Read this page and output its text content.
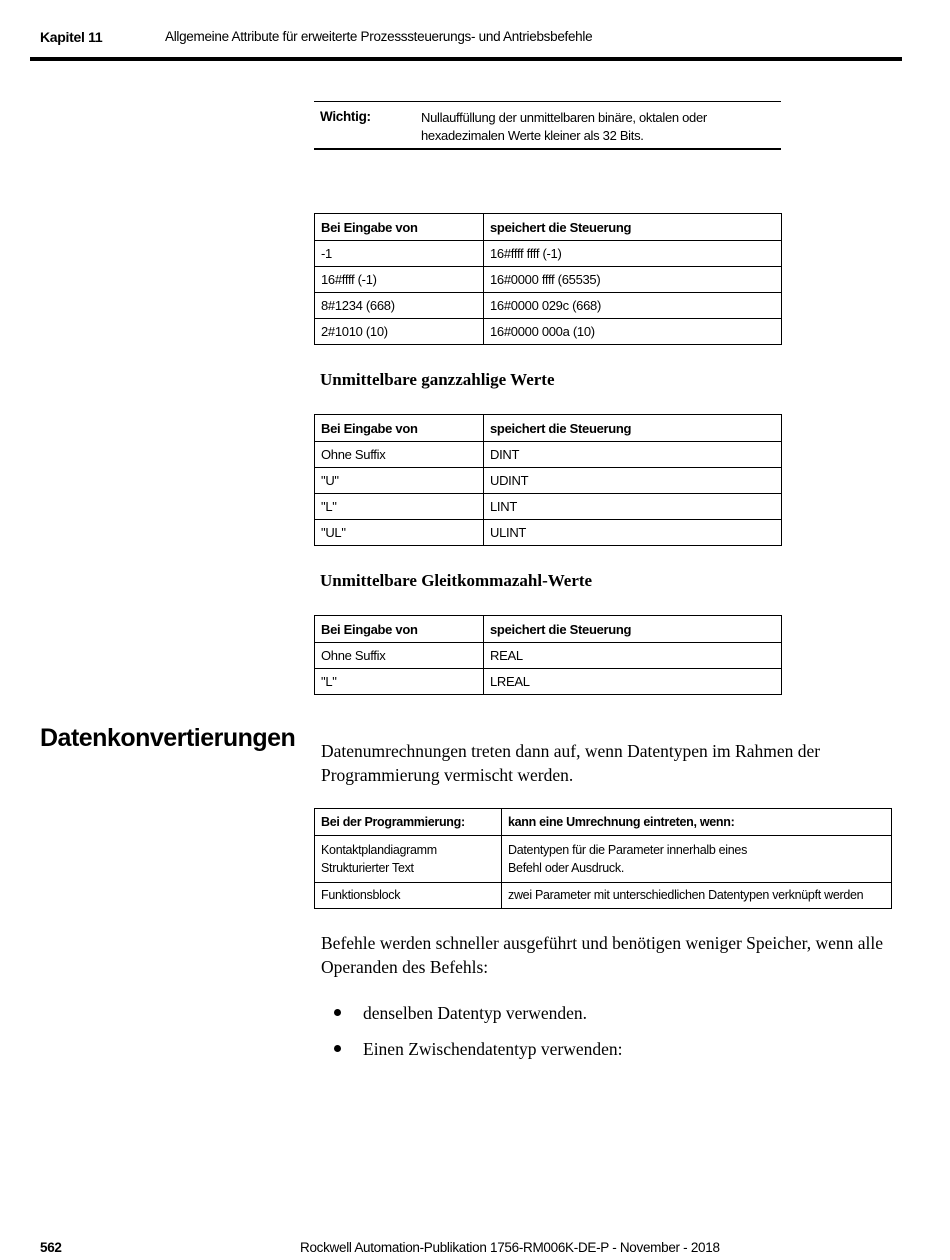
Kapitel 11	Allgemeine Attribute für erweiterte Prozesssteuerungs- und Antriebsbefehle
Wichtig:	Nullauffüllung der unmittelbaren binäre, oktalen oder hexadezimalen Werte kleiner als 32 Bits.
Bei Eingabe von	speichert die Steuerung
-1	16#ffff ffff (-1)
16#ffff (-1)	16#0000 ffff (65535)
8#1234 (668)	16#0000 029c (668)
2#1010 (10)	16#0000 000a (10)
Unmittelbare ganzzahlige Werte
Bei Eingabe von	speichert die Steuerung
Ohne Suffix	DINT
"U"	UDINT
"L"	LINT
"UL"	ULINT
Unmittelbare Gleitkommazahl-Werte
Bei Eingabe von	speichert die Steuerung
Ohne Suffix	REAL
"L"	LREAL
Datenkonvertierungen Datenumrechnungen treten dann auf, wenn Datentypen im Rahmen der Programmierung vermischt werden.
Bei der Programmierung:	kann eine Umrechnung eintreten, wenn:

Kontaktplandiagramm
Strukturierter Text	Datentypen für die Parameter innerhalb eines
Befehl oder Ausdruck.

Funktionsblock	zwei Parameter mit unterschiedlichen Datentypen verknüpft werden
Befehle werden schneller ausgeführt und benötigen weniger Speicher, wenn alle Operanden des Befehls:
denselben Datentyp verwenden.
Einen Zwischendatentyp verwenden:
562	Rockwell Automation-Publikation 1756-RM006K-DE-P - November - 2018
